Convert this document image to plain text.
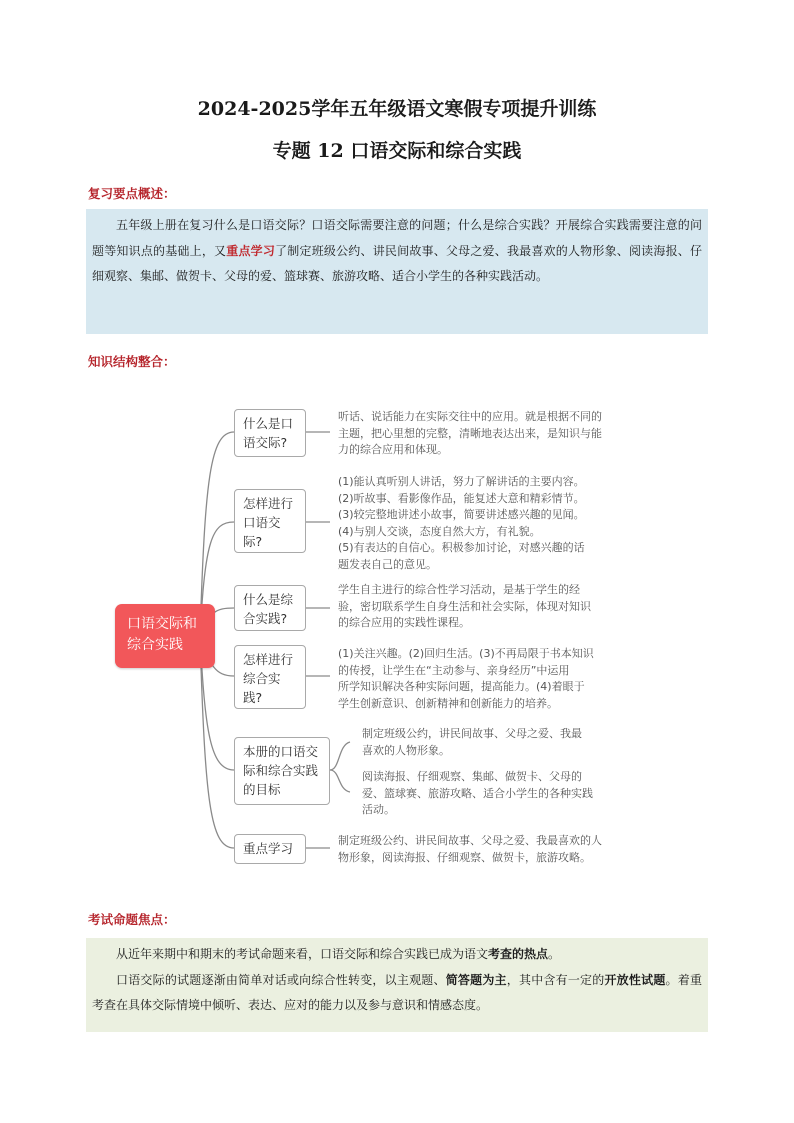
2024-2025学年五年级语文寒假专项提升训练
专题 12 口语交际和综合实践
复习要点概述：
五年级上册在复习什么是口语交际？口语交际需要注意的问题；什么是综合实践？开展综合实践需要注意的问题等知识点的基础上，又重点学习了制定班级公约、讲民间故事、父母之爱、我最喜欢的人物形象、阅读海报、仔细观察、集邮、做贺卡、父母的爱、篮球赛、旅游攻略、适合小学生的各种实践活动。
知识结构整合：
口语交际和综合实践
什么是口语交际?
听话、说话能力在实际交往中的应用。就是根据不同的
主题，把心里想的完整，清晰地表达出来，是知识与能
力的综合应用和体现。
怎样进行口语交际?
(1)能认真听别人讲话，努力了解讲话的主要内容。
(2)听故事、看影像作品，能复述大意和精彩情节。
(3)较完整地讲述小故事，简要讲述感兴趣的见闻。
(4)与别人交谈，态度自然大方，有礼貌。
(5)有表达的自信心。积极参加讨论，对感兴趣的话
题发表自己的意见。
什么是综合实践?
学生自主进行的综合性学习活动，是基于学生的经
验，密切联系学生自身生活和社会实际，体现对知识
的综合应用的实践性课程。
怎样进行综合实践?
(1)关注兴趣。(2)回归生活。(3)不再局限于书本知识
的传授，让学生在“主动参与、亲身经历”中运用
所学知识解决各种实际问题，提高能力。(4)着眼于
学生创新意识、创新精神和创新能力的培养。
本册的口语交际和综合实践的目标
制定班级公约，讲民间故事、父母之爱、我最
喜欢的人物形象。
阅读海报、仔细观察、集邮、做贺卡、父母的
爱、篮球赛、旅游攻略、适合小学生的各种实践
活动。
重点学习
制定班级公约、讲民间故事、父母之爱、我最喜欢的人
物形象，阅读海报、仔细观察、做贺卡，旅游攻略。
考试命题焦点：
从近年来期中和期末的考试命题来看，口语交际和综合实践已成为语文考查的热点。
口语交际的试题逐渐由简单对话或向综合性转变，以主观题、简答题为主，其中含有一定的开放性试题。着重考查在具体交际情境中倾听、表达、应对的能力以及参与意识和情感态度。
